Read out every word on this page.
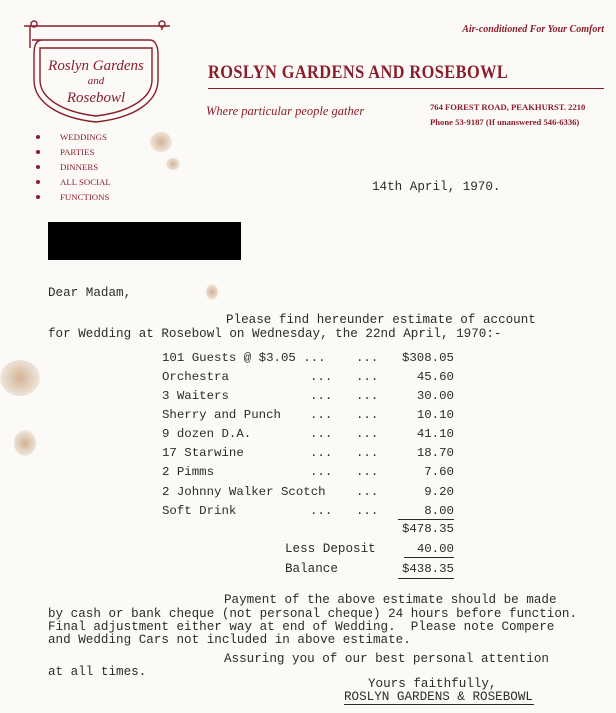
Air-conditioned For Your Comfort
Roslyn Gardens
and
Rosebowl
ROSLYN GARDENS AND ROSEBOWL
Where particular people gather	764 FOREST ROAD, PEAKHURST. 2210
Phone 53-9187 (If unanswered 546-6336)
WEDDINGS
PARTIES
DINNERS
ALL SOCIAL
FUNCTIONS
14th April, 1970.
Dear Madam,
Please find hereunder estimate of account
for Wedding at Rosebowl on Wednesday, the 22nd April, 1970:-
101 Guests @ $3.05 ... ... $308.05
Orchestra	... ...	45.60
3 Waiters	... ...	30.00
Sherry and Punch ... ...	10.10
9 dozen D.A.	... ...	41.10
17 Starwine	... ...	18.70
2 Pimms	... ...	7.60
2 Johnny Walker Scotch ...	9.20
Soft Drink	... ...	8.00
$478.35
Less Deposit	40.00
Balance	$438.35
Payment of the above estimate should be made
by cash or bank cheque (not personal cheque) 24 hours before function.
Final adjustment either way at end of Wedding.  Please note Compere
and Wedding Cars not included in above estimate.
Assuring you of our best personal attention
at all times.
Yours faithfully,
ROSLYN GARDENS & ROSEBOWL
